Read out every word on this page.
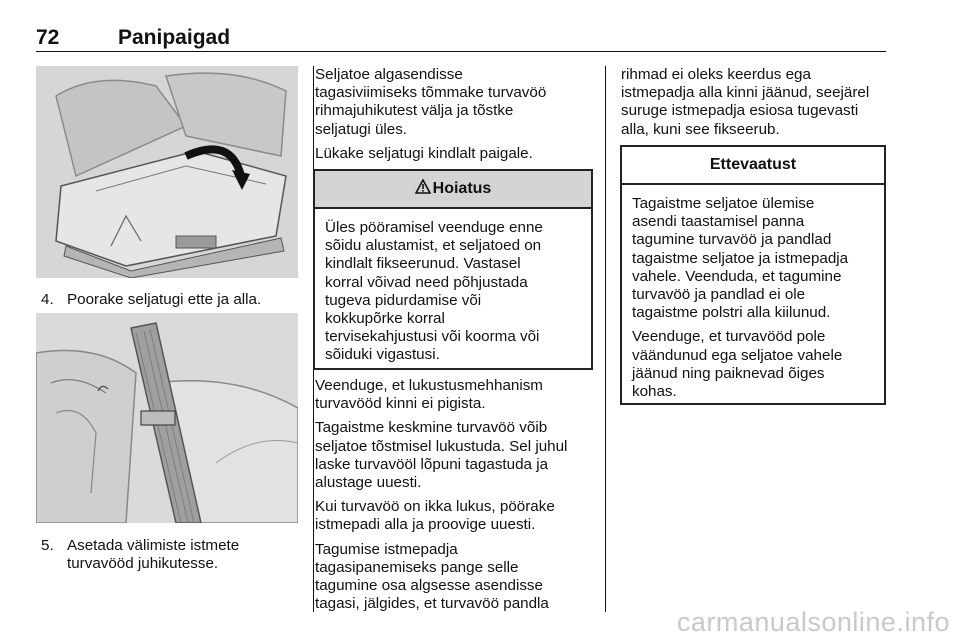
72	Panipaigad
4. Poorake seljatugi ette ja alla.
5. Asetada välimiste istmete
turvavööd juhikutesse.

Seljatoe algasendisse
tagasiviimiseks tõmmake turvavöö
rihmajuhikutest välja ja tõstke
seljatugi üles.

Lükake seljatugi kindlalt paigale.

Hoiatus
Üles pööramisel veenduge enne
sõidu alustamist, et seljatoed on
kindlalt fikseerunud. Vastasel
korral võivad need põhjustada
tugeva pidurdamise või
kokkupõrke korral
tervisekahjustusi või koorma või
sõiduki vigastusi.

Veenduge, et lukustusmehhanism
turvavööd kinni ei pigista.

Tagaistme keskmine turvavöö võib
seljatoe tõstmisel lukustuda. Sel juhul
laske turvavööl lõpuni tagastuda ja
alustage uuesti.

Kui turvavöö on ikka lukus, pöörake
istmepadi alla ja proovige uuesti.

Tagumise istmepadja
tagasipanemiseks pange selle
tagumine osa algsesse asendisse
tagasi, jälgides, et turvavöö pandla

rihmad ei oleks keerdus ega
istmepadja alla kinni jäänud, seejärel
suruge istmepadja esiosa tugevasti
alla, kuni see fikseerub.

Ettevaatust

Tagaistme seljatoe ülemise
asendi taastamisel panna
tagumine turvavöö ja pandlad
tagaistme seljatoe ja istmepadja
vahele. Veenduda, et tagumine
turvavöö ja pandlad ei ole
tagaistme polstri alla kiilunud.

Veenduge, et turvavööd pole
väändunud ega seljatoe vahele
jäänud ning paiknevad õiges
kohas.

carmanualsonline.info
